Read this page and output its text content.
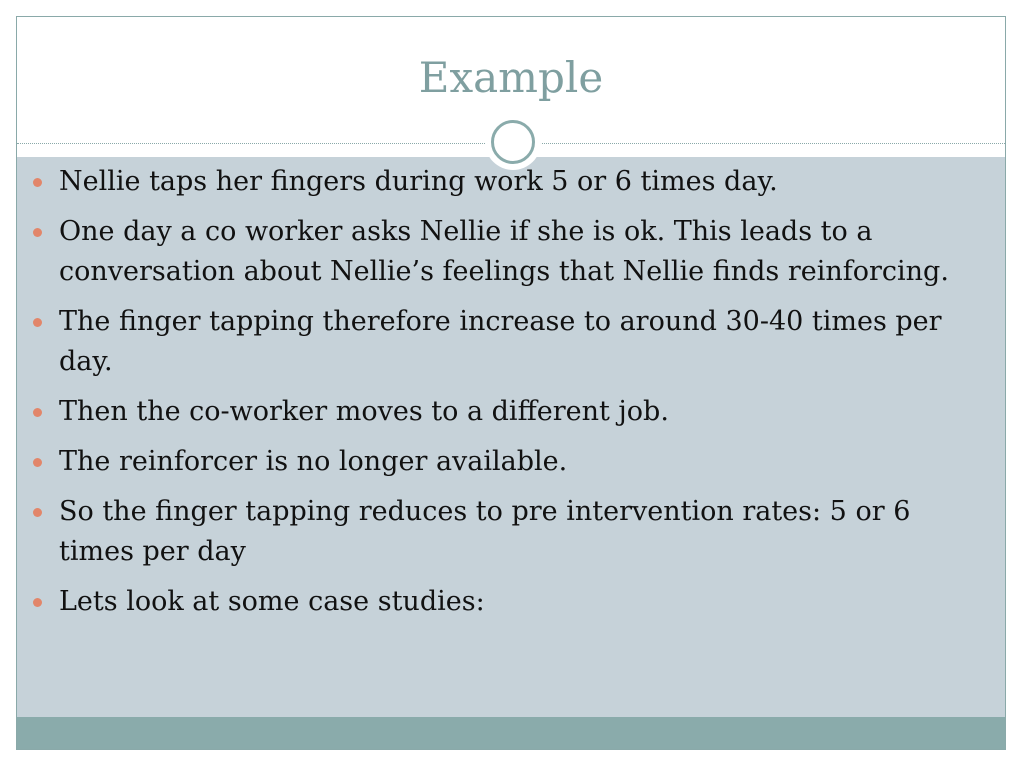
Example
Nellie taps her fingers during work 5 or 6 times day.
One day a co worker asks Nellie if she is ok. This leads to a conversation about Nellie’s feelings that Nellie finds reinforcing.
The finger tapping therefore increase to around 30-40 times per day.
Then the co-worker moves to a different job.
The reinforcer is no longer available.
So the finger tapping reduces to pre intervention rates: 5 or 6 times per day
Lets look at some case studies:
